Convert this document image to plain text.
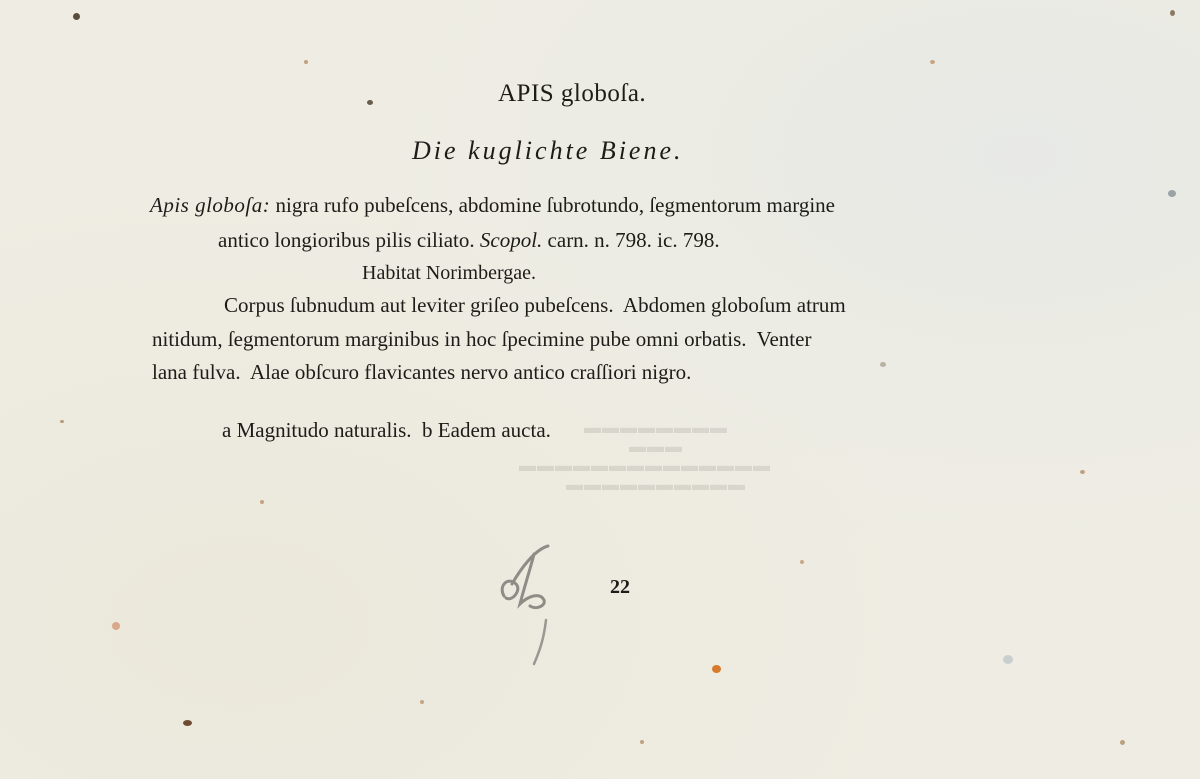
▬▬▬▬▬▬▬▬
▬▬▬
▬▬▬▬▬▬▬▬▬▬▬▬▬▬
▬▬▬▬▬▬▬▬▬▬
APIS globoſa.
Die kuglichte Biene.
Apis globoſa: nigra rufo pubeſcens, abdomine ſubrotundo, ſegmentorum margine
antico longioribus pilis ciliato. Scopol. carn. n. 798. ic. 798.
Habitat Norimbergae.
Corpus ſubnudum aut leviter griſeo pubeſcens.  Abdomen globoſum atrum
nitidum, ſegmentorum marginibus in hoc ſpecimine pube omni orbatis.  Venter
lana fulva.  Alae obſcuro flavicantes nervo antico craſſiori nigro.
a Magnitudo naturalis.  b Eadem aucta.
22
